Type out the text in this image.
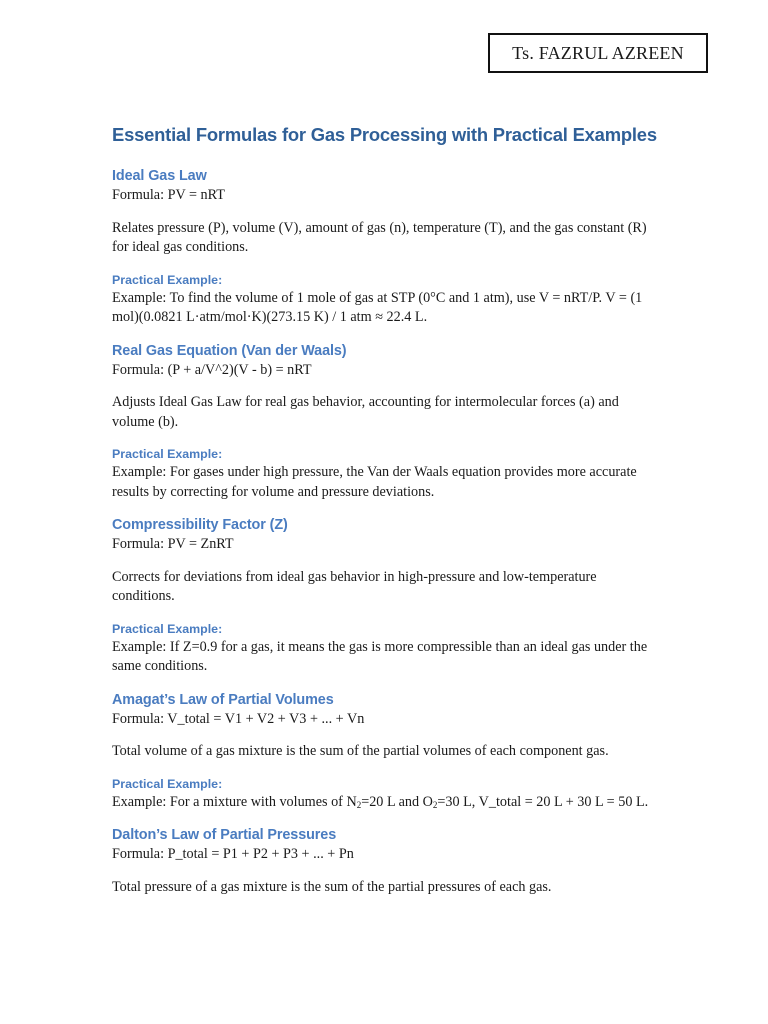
Ts. FAZRUL AZREEN
Essential Formulas for Gas Processing with Practical Examples
Ideal Gas Law
Formula: PV = nRT
Relates pressure (P), volume (V), amount of gas (n), temperature (T), and the gas constant (R) for ideal gas conditions.
Practical Example:
Example: To find the volume of 1 mole of gas at STP (0°C and 1 atm), use V = nRT/P. V = (1 mol)(0.0821 L·atm/mol·K)(273.15 K) / 1 atm ≈ 22.4 L.
Real Gas Equation (Van der Waals)
Formula: (P + a/V^2)(V - b) = nRT
Adjusts Ideal Gas Law for real gas behavior, accounting for intermolecular forces (a) and volume (b).
Practical Example:
Example: For gases under high pressure, the Van der Waals equation provides more accurate results by correcting for volume and pressure deviations.
Compressibility Factor (Z)
Formula: PV = ZnRT
Corrects for deviations from ideal gas behavior in high-pressure and low-temperature conditions.
Practical Example:
Example: If Z=0.9 for a gas, it means the gas is more compressible than an ideal gas under the same conditions.
Amagat’s Law of Partial Volumes
Formula: V_total = V1 + V2 + V3 + ... + Vn
Total volume of a gas mixture is the sum of the partial volumes of each component gas.
Practical Example:
Example: For a mixture with volumes of $N_2=20$ L and $O_2=30$ L, V_total = 20 L + 30 L = 50 L.
Dalton’s Law of Partial Pressures
Formula: P_total = P1 + P2 + P3 + ... + Pn
Total pressure of a gas mixture is the sum of the partial pressures of each gas.
